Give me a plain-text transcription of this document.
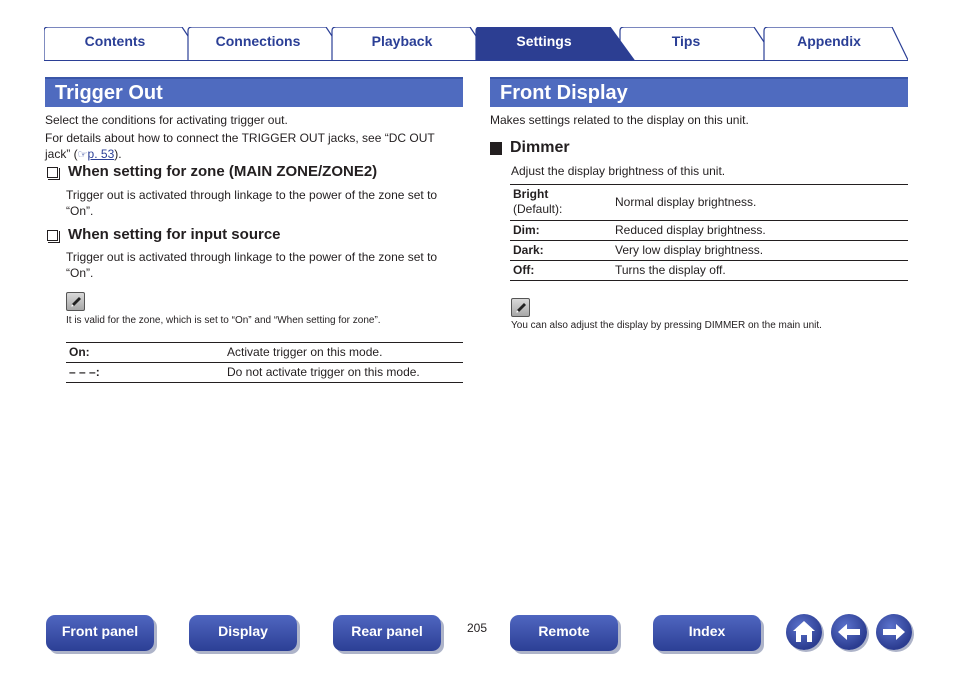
Contents	Connections	Playback	Settings	Tips	Appendix
Trigger Out
Select the conditions for activating trigger out.
For details about how to connect the TRIGGER OUT jacks, see “DC OUT jack” (☞p. 53).
When setting for zone (MAIN ZONE/ZONE2)
Trigger out is activated through linkage to the power of the zone set to “On”.
When setting for input source
Trigger out is activated through linkage to the power of the zone set to “On”.
It is valid for the zone, which is set to “On” and “When setting for zone”.
On:	Activate trigger on this mode.
– – –:	Do not activate trigger on this mode.
Front Display
Makes settings related to the display on this unit.
Dimmer
Adjust the display brightness of this unit.
Bright
(Default):	Normal display brightness.
Dim:	Reduced display brightness.
Dark:	Very low display brightness.
Off:	Turns the display off.
You can also adjust the display by pressing DIMMER on the main unit.
Front panel	Display	Rear panel	205	Remote	Index
